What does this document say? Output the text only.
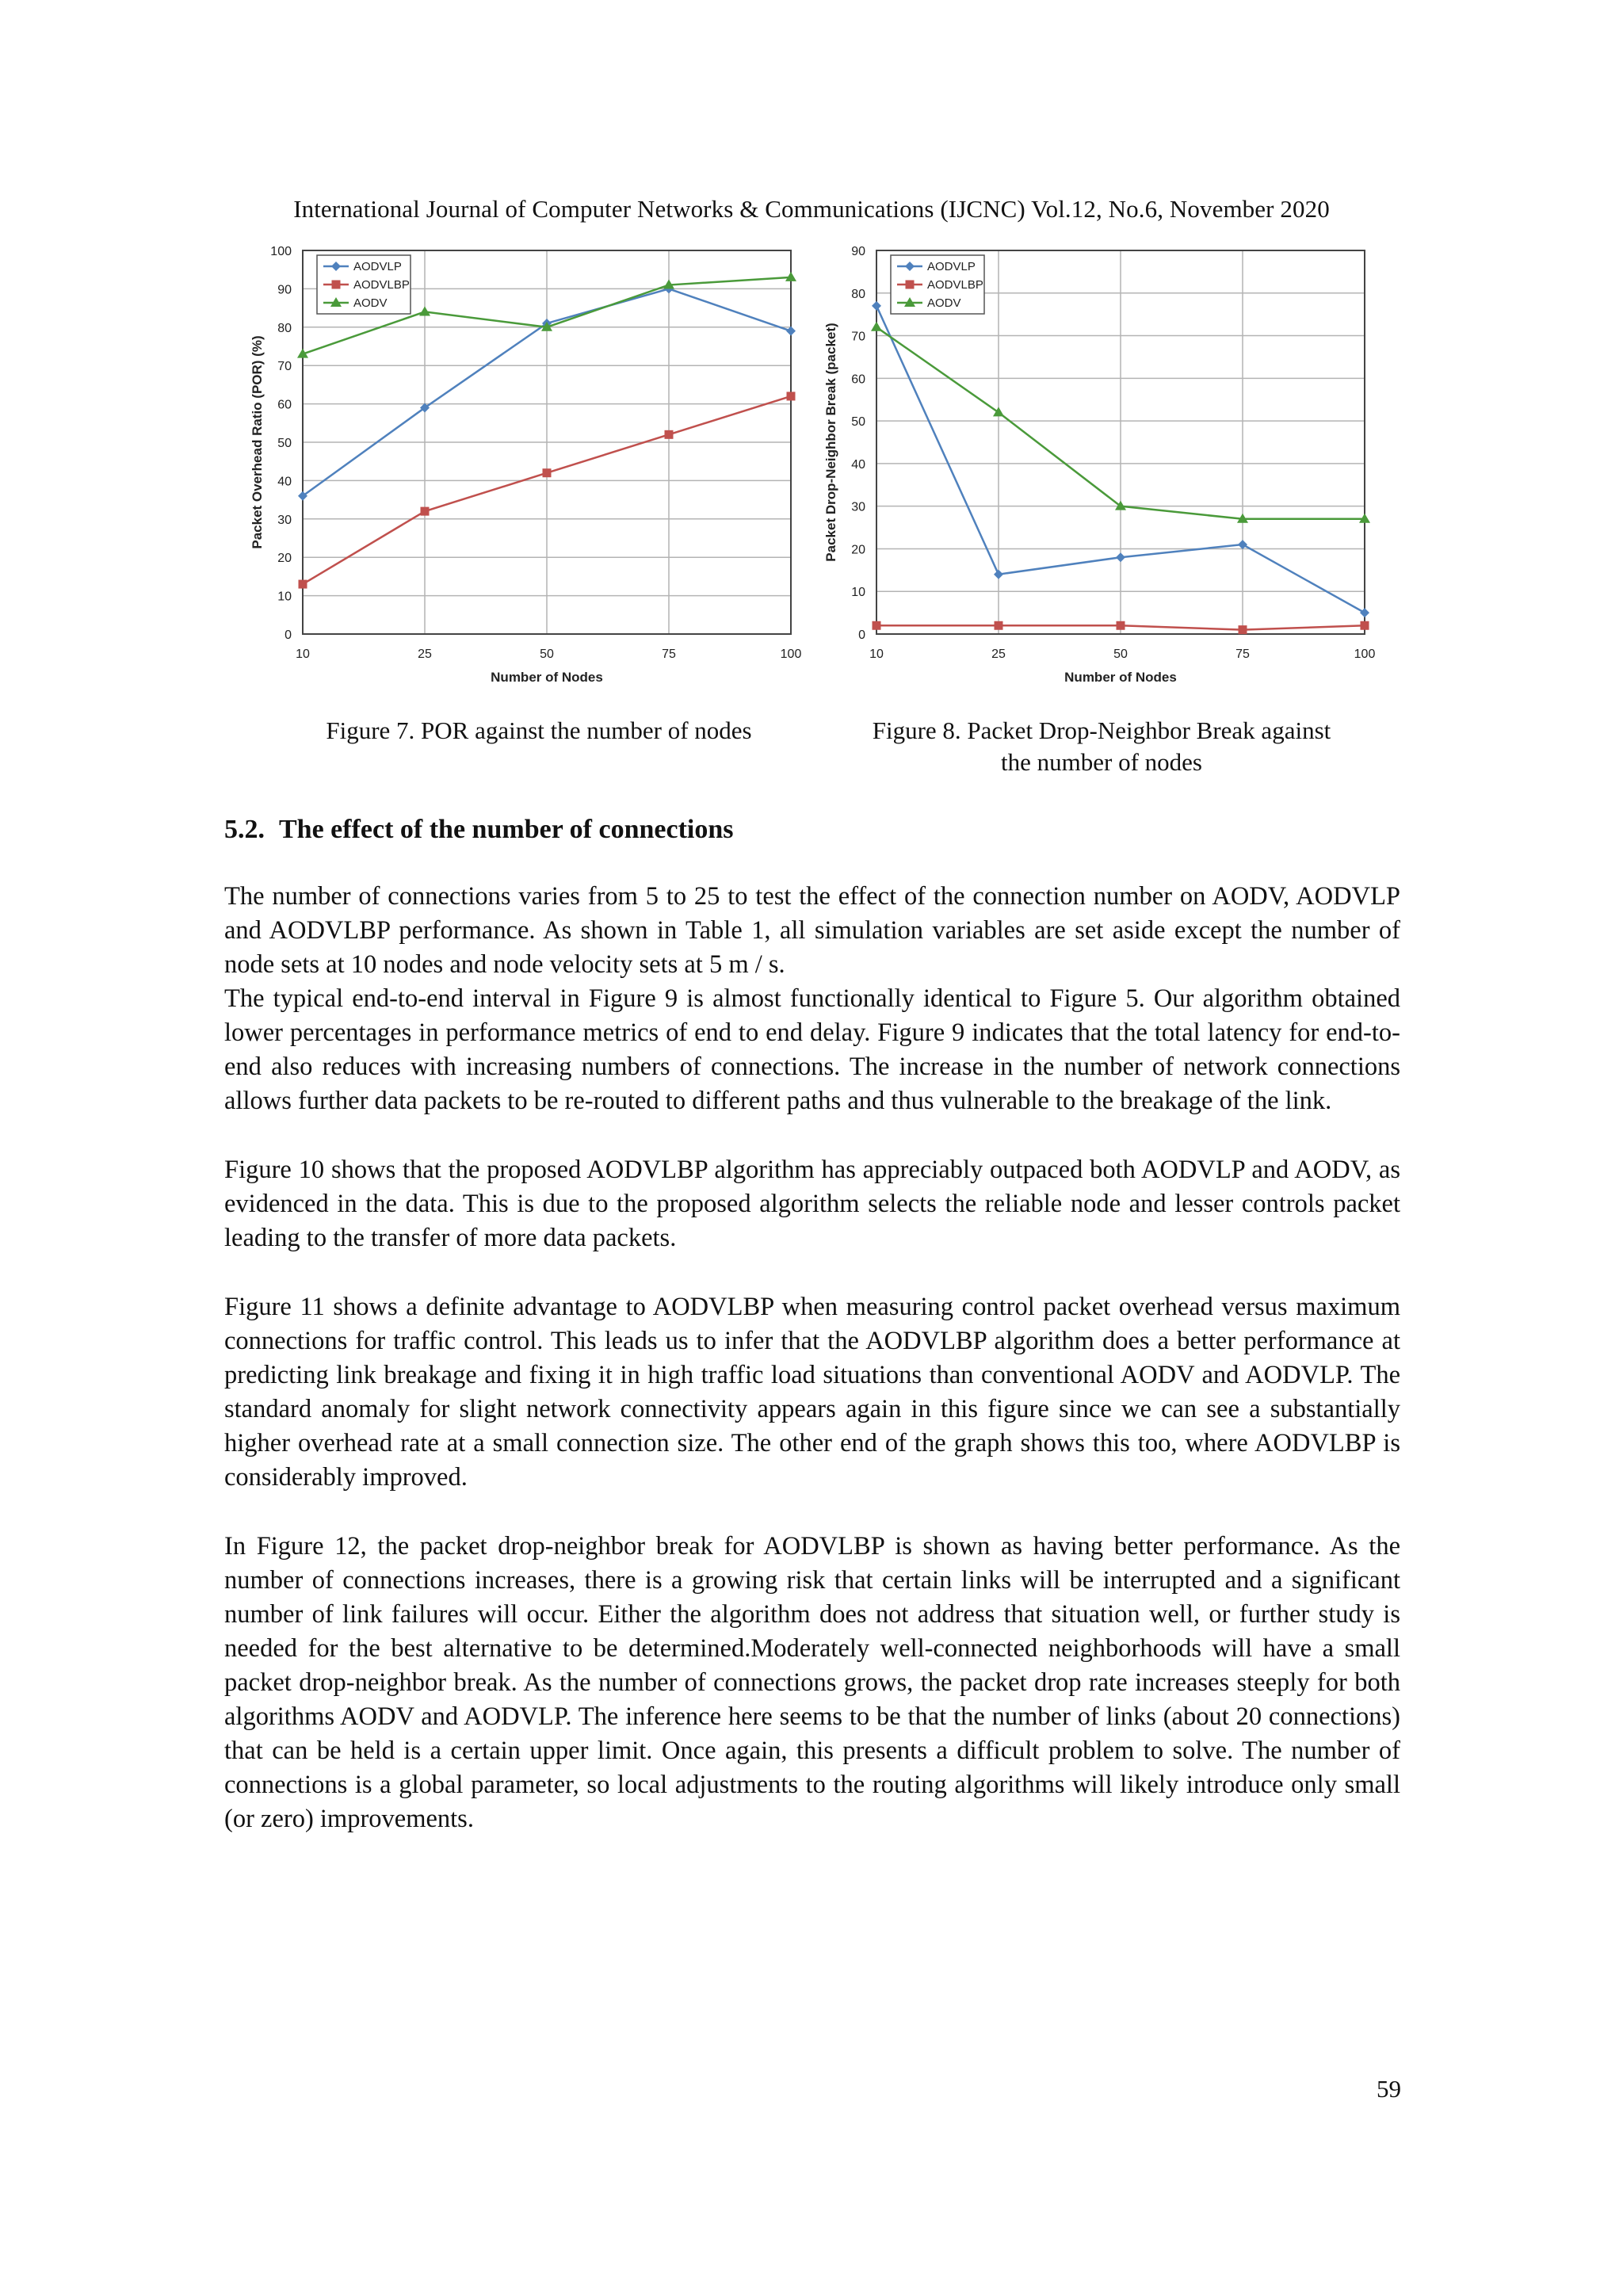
International Journal of Computer Networks & Communications (IJCNC) Vol.12, No.6, November 2020
0
10
20
30
40
50
60
70
80
90
100
10	25	50	75	100
Number of Nodes
Packet Overhead Ratio (POR) (%)
AODVLP
AODVLBP
AODV
0
10
20
30
40
50
60
70
80
90
10	25	50	75	100
Number of Nodes
Packet Drop-Neighbor Break (packet)
AODVLP
AODVLBP
AODV
Figure 7. POR against the number of nodes	Figure 8. Packet Drop-Neighbor Break against
the number of nodes
5.2. The effect of the number of connections

The number of connections varies from 5 to 25 to test the effect of the connection number on AODV, AODVLP and AODVLBP performance. As shown in Table 1, all simulation variables are set aside except the number of node sets at 10 nodes and node velocity sets at 5 m / s.

The typical end-to-end interval in Figure 9 is almost functionally identical to Figure 5. Our algorithm obtained lower percentages in performance metrics of end to end delay. Figure 9 indicates that the total latency for end-to-end also reduces with increasing numbers of connections. The increase in the number of network connections allows further data packets to be re-routed to different paths and thus vulnerable to the breakage of the link.

Figure 10 shows that the proposed AODVLBP algorithm has appreciably outpaced both AODVLP and AODV, as evidenced in the data. This is due to the proposed algorithm selects the reliable node and lesser controls packet leading to the transfer of more data packets.

Figure 11 shows a definite advantage to AODVLBP when measuring control packet overhead versus maximum connections for traffic control. This leads us to infer that the AODVLBP algorithm does a better performance at predicting link breakage and fixing it in high traffic load situations than conventional AODV and AODVLP. The standard anomaly for slight network connectivity appears again in this figure since we can see a substantially higher overhead rate at a small connection size. The other end of the graph shows this too, where AODVLBP is considerably improved.

In Figure 12, the packet drop-neighbor break for AODVLBP is shown as having better performance. As the number of connections increases, there is a growing risk that certain links will be interrupted and a significant number of link failures will occur. Either the algorithm does not address that situation well, or further study is needed for the best alternative to be determined.Moderately well-connected neighborhoods will have a small packet drop-neighbor break. As the number of connections grows, the packet drop rate increases steeply for both algorithms AODV and AODVLP. The inference here seems to be that the number of links (about 20 connections) that can be held is a certain upper limit. Once again, this presents a difficult problem to solve. The number of connections is a global parameter, so local adjustments to the routing algorithms will likely introduce only small (or zero) improvements.

59
